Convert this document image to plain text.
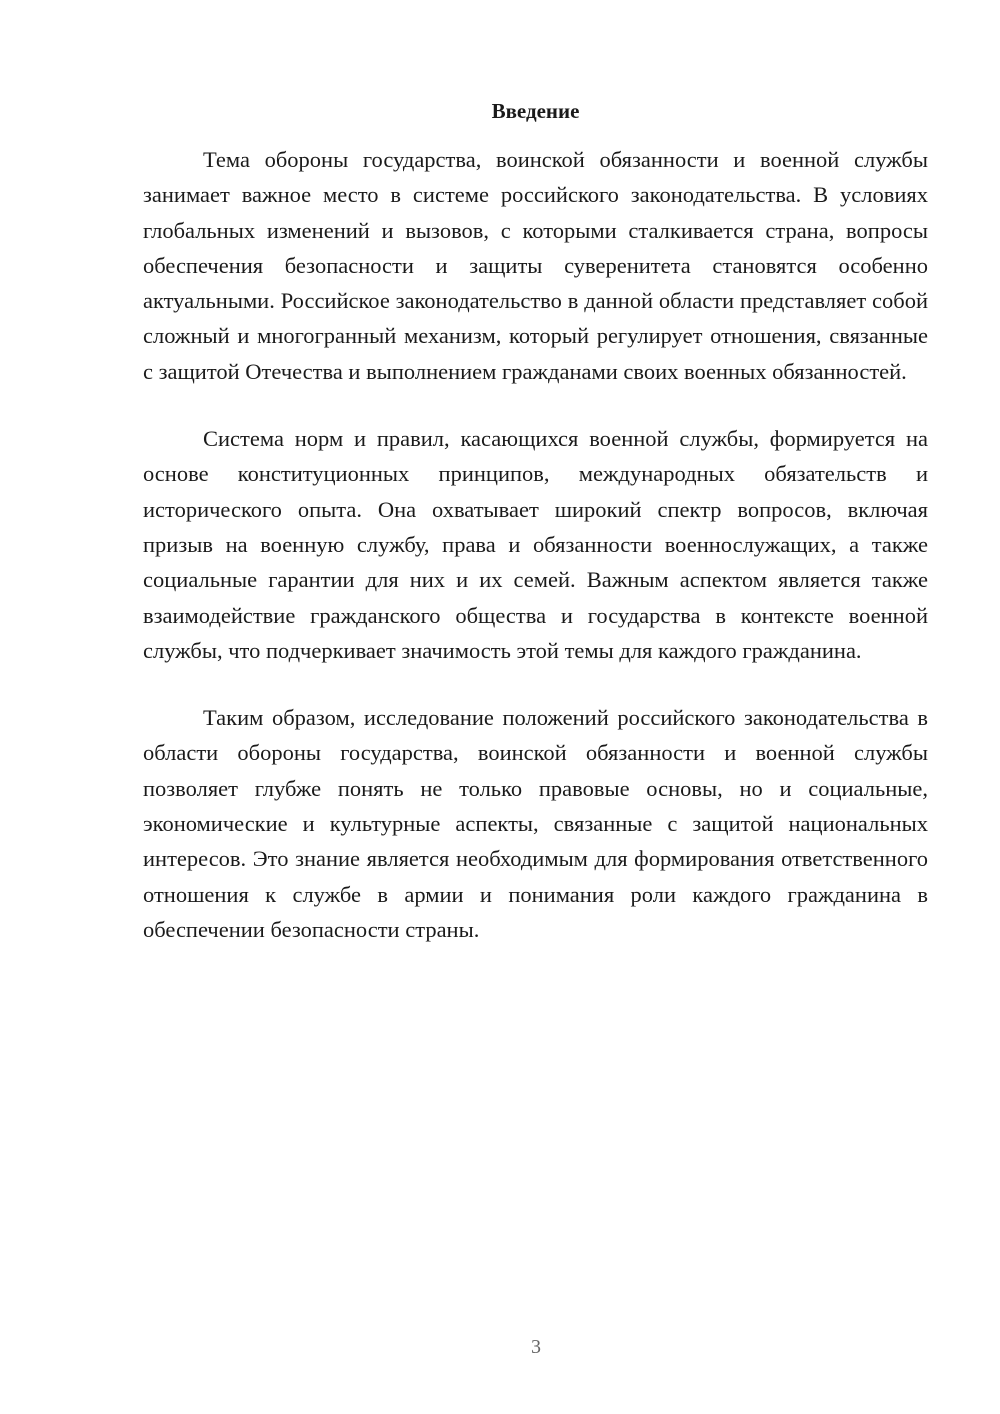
Введение

Тема обороны государства, воинской обязанности и военной службы занимает важное место в системе российского законодательства. В условиях глобальных изменений и вызовов, с которыми сталкивается страна, вопросы обеспечения безопасности и защиты суверенитета становятся особенно актуальными. Российское законодательство в данной области представляет собой сложный и многогранный механизм, который регулирует отношения, связанные с защитой Отечества и выполнением гражданами своих военных обязанностей.

Система норм и правил, касающихся военной службы, формируется на основе конституционных принципов, международных обязательств и исторического опыта. Она охватывает широкий спектр вопросов, включая призыв на военную службу, права и обязанности военнослужащих, а также социальные гарантии для них и их семей. Важным аспектом является также взаимодействие гражданского общества и государства в контексте военной службы, что подчеркивает значимость этой темы для каждого гражданина.

Таким образом, исследование положений российского законодательства в области обороны государства, воинской обязанности и военной службы позволяет глубже понять не только правовые основы, но и социальные, экономические и культурные аспекты, связанные с защитой национальных интересов. Это знание является необходимым для формирования ответственного отношения к службе в армии и понимания роли каждого гражданина в обеспечении безопасности страны.

3
